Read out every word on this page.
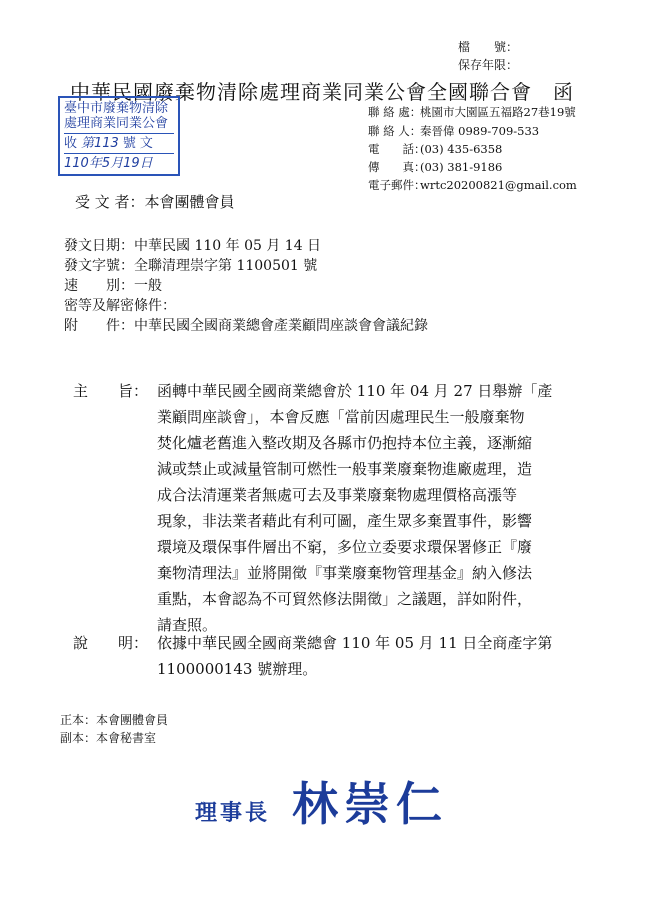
檔　　號：
保存年限：
中華民國廢棄物清除處理商業同業公會全國聯合會　函
臺中市廢棄物清除
處理商業同業公會
收 第113 號 文
110年5月19日
聯 絡 處：桃園市大園區五福路27巷19號
聯 絡 人：秦晉偉 0989-709-533
電　　話：(03) 435-6358
傳　　真：(03) 381-9186
電子郵件：wrtc20200821@gmail.com
受 文 者：本會團體會員
發文日期：中華民國 110 年 05 月 14 日
發文字號：全聯清理崇字第 1100501 號
速　　別：一般
密等及解密條件：
附　　件：中華民國全國商業總會產業顧問座談會會議紀錄
主　　旨： 函轉中華民國全國商業總會於 110 年 04 月 27 日舉辦「產
業顧問座談會」，本會反應「當前因處理民生一般廢棄物
焚化爐老舊進入整改期及各縣市仍抱持本位主義，逐漸縮
減或禁止或減量管制可燃性一般事業廢棄物進廠處理，造
成合法清運業者無處可去及事業廢棄物處理價格高漲等
現象，非法業者藉此有利可圖，產生眾多棄置事件，影響
環境及環保事件層出不窮，多位立委要求環保署修正『廢
棄物清理法』並將開徵『事業廢棄物管理基金』納入修法
重點，本會認為不可貿然修法開徵」之議題，詳如附件，
請查照。
說　　明： 依據中華民國全國商業總會 110 年 05 月 11 日全商產字第
1100000143 號辦理。
正本：本會團體會員
副本：本會秘書室
理事長 林崇仁
